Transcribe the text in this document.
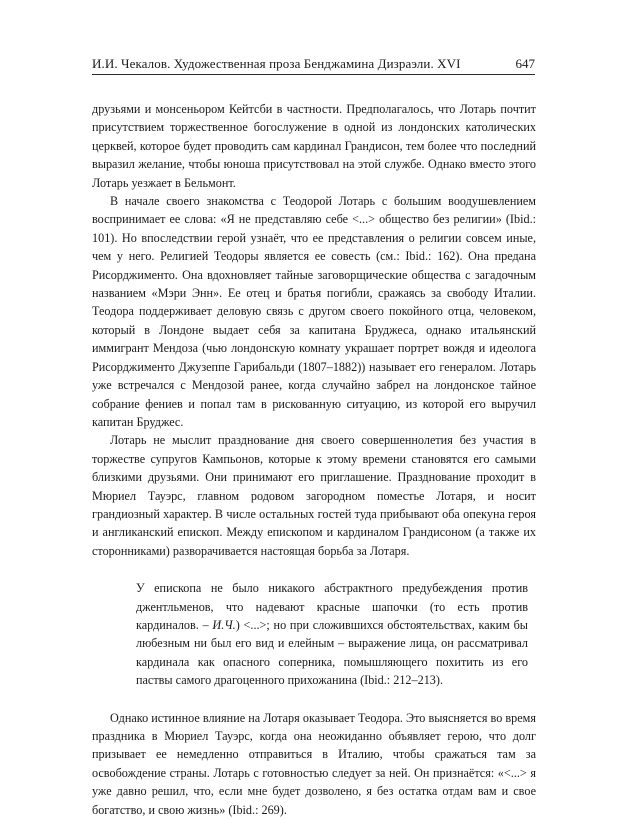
И.И. Чекалов. Художественная проза Бенджамина Дизраэли. XVI	647

друзьями и монсеньором Кейтсби в частности. Предполагалось, что Лотарь почтит присутствием торжественное богослужение в одной из лондонских католических церквей, которое будет проводить сам кардинал Грандисон, тем более что последний выразил желание, чтобы юноша присутствовал на этой службе. Однако вместо этого Лотарь уезжает в Бельмонт.

В начале своего знакомства с Теодорой Лотарь с большим воодушевлением воспринимает ее слова: «Я не представляю себе <...> общество без религии» (Ibid.: 101). Но впоследствии герой узнаёт, что ее представления о религии совсем иные, чем у него. Религией Теодоры является ее совесть (см.: Ibid.: 162). Она предана Рисорджименто. Она вдохновляет тайные заговорщические общества с загадочным названием «Мэри Энн». Ее отец и братья погибли, сражаясь за свободу Италии. Теодора поддерживает деловую связь с другом своего покойного отца, человеком, который в Лондоне выдает себя за капитана Бруджеса, однако итальянский иммигрант Мендоза (чью лондонскую комнату украшает портрет вождя и идеолога Рисорджименто Джузеппе Гарибальди (1807–1882)) называет его генералом. Лотарь уже встречался с Мендозой ранее, когда случайно забрел на лондонское тайное собрание фениев и попал там в рискованную ситуацию, из которой его выручил капитан Бруджес.

Лотарь не мыслит празднование дня своего совершеннолетия без участия в торжестве супругов Кампьонов, которые к этому времени становятся его самыми близкими друзьями. Они принимают его приглашение. Празднование проходит в Мюриел Тауэрс, главном родовом загородном поместье Лотаря, и носит грандиозный характер. В числе остальных гостей туда прибывают оба опекуна героя и англиканский епископ. Между епископом и кардиналом Грандисоном (а также их сторонниками) разворачивается настоящая борьба за Лотаря.

У епископа не было никакого абстрактного предубеждения против джентльменов, что надевают красные шапочки (то есть против кардиналов. – И.Ч.) <...>; но при сложившихся обстоятельствах, каким бы любезным ни был его вид и елейным – выражение лица, он рассматривал кардинала как опасного соперника, помышляющего похитить из его паствы самого драгоценного прихожанина (Ibid.: 212–213).

Однако истинное влияние на Лотаря оказывает Теодора. Это выясняется во время праздника в Мюриел Тауэрс, когда она неожиданно объявляет герою, что долг призывает ее немедленно отправиться в Италию, чтобы сражаться там за освобождение страны. Лотарь с готовностью следует за ней. Он признаётся: «<...> я уже давно решил, что, если мне будет дозволено, я без остатка отдам вам и свое богатство, и свою жизнь» (Ibid.: 269).
